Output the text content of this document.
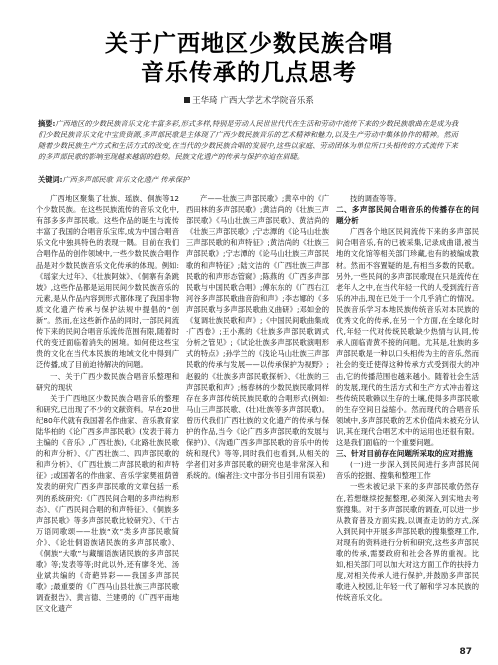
关于广西地区少数民族合唱
音乐传承的几点思考
王华琦 广西大学艺术学院音乐系
摘要:广西地区的少数民族音乐文化丰富多彩,形式多样,特别是劳动人民世世代代在生活和劳动中流传下来的少数民族歌曲在是成为我们少数民族音乐文化中宝贵资源,多声部民歌是主体现了广西少数民族音乐的艺术精神和魅力,以及生产劳动中集体协作的精神。然而随着少数民族生产方式和生活方式的改变,在当代的少数民族合唱的发展中,这些以家庭、劳动团体为单位所口头相传的方式流传下来的多声部民歌的影响至现越来越弱的趋势。民族文化遗产的传承与保护亦迫在眉睫。
关键词:广西多声部民歌 音乐文化遗产 传承保护

广西地区聚集了壮族、瑶族、侗族等12个少数民族。在这些民族流传的音乐文化中,有部多多声部民歌。这些作品的诞生与流传丰富了我国的合唱音乐宝库,成为中国合唱音乐文化中独具特色的表现一隅。目前在我们合唱作品的创作领域中,一些少数民族合唱作品是对少数民族音乐文化传承的体现。例如:《瑶家大过年》、《壮族阿妹》、《侗寨有条跳坡》,这些作品都是运用民间少数民族音乐的元素,是从作品内容到形式都体现了我国非物质文化遗产传承与保护法规中提倡的“创新”。然而,在这些新作品的同时,一部民间流传下来的民间合唱音乐流传范围有限,随着时代的变迁面临着消失的困境。如何使这些宝贵的文化在当代本民族的地域文化中得到广泛传播,成了目前迫待解决的问题。

一、关于广西少数民族合唱音乐整理和研究的现状

关于广西地区少数民族合唱音乐的整理和研究,已出现了不少的文献资料。早在20世纪80年代就有我国著名作曲家、音乐教育家陆华柏的《论广西多声部民歌》(发表于蒋力主编的《音乐》,广西壮族),《北路壮族民歌的和声分析》、《广西壮族二、四声部民歌的和声分析》、《广西壮族二声部民歌的和声特征》;或国著名的作曲家、音乐学家樊祖荫曾发表的研究广西多声部民歌的文章包括一系列的系统研究:《广西民间合唱的多声结构形态》、《广西民间合唱的和声特征》、《侗族多声部民歌》等多声部民歌比较研究》、《干古万语同歌颂——壮族“欢”类多声部民歌简介》、《论壮侗语族诸民族的多声部民歌》、《侗族“大歌”与藏缅语族诸民族的多声部民歌》等;发表等等;时此以外,还有廖冬光、汤业斌共编的《奇葩异彩——我国多声部民歌》;最重要的《广西马山县壮族三声部民歌调查报告》、黄言德、兰建勇的《广西平南地区文化遗产

产——壮族三声部民歌》;黄卒中的《广西田林的多声部民歌》;黄洁尚的《壮族三声部民歌》《马山壮族三声部民歌》、黄洁尚的《壮族三声部民歌》;宁志潭的《论马山壮族三声部民歌的和声特征》;黄洁尚的《壮族三声部民歌》;宁志潭的《论马山壮族三声部民歌的和声特征》;陆文洁的《广西壮族三声部民歌的和声形态管窥》;陈燕的《广西多声部民歌与中国民歌合唱》;傅东东的《广西右江河谷多声部民歌曲音韵和声》;李志娜的《多声部民歌与多声部民歌曲义曲研》;邓如金的《复调壮族民歌和声》;《中国民间歌曲集成·广西卷》;王小燕的《壮族多声部民歌调式分析之管见》;《试论壮族多声部民歌演唱形式的特点》;孙学兰的《浅论马山壮族三声部民歌的传承与发展——以传承保护为视野》;赵毅的《壮族多声部民歌探析》、《壮族的三声部民歌和声》;杨春林的少数民族民歌同样存在多声部传统民族民歌的合唱形式(例如:马山三声部民歌、(壮)壮族等多声部民歌)。曾历代我们广西壮族的文化遗产的传承与保护的作品,当今《论广西多声部民歌的发展与保护)》、《沟通广西多声部民歌的音乐中的传统和现代》等等,同时我们也看到,从相关的学者们对多声部民歌的研究也是非常深入和系统的。(编者注:文中部分书目引用有误差)

技的调查等等。

二、多声部民间合唱音乐的传播存在的问题分析

广西各个地区民间流传下来的多声部民间合唱音乐,有的已被采集,记录成曲谱,被当地的文化馆等相关部门珍藏,也有的被编成教材。然而不容置疑的是,有相当多数的民歌。另外,一些民间的多声部民歌现在只是流传在老年人之中,在当代年轻一代的人受到流行音乐的冲击,现在已处于一个几乎消亡的情况。民族音乐学习本地民族传统音乐对本民族的优秀文化的传承,在另一个方面,在全球化时代,年轻一代对传统民歌缺少热情与认同,传承人面临青黄不接的问题。尤其是,壮族的多声部民歌是一种以口头相传为主的音乐,然而社会的变迁使得这种传承方式受到很大的冲击,它的传播范围也越来越小。随着社会生活的发展,现代的生活方式和生产方式冲击着这些传统民歌赖以生存的土壤,使得多声部民歌的生存空间日益缩小。然而现代的合唱音乐领域中,多声部民歌的艺术价值尚未被充分认识,其在现代合唱艺术中的运用也还很有限。这是我们面临的一个重要问题。

三、针对目前存在问题所采取的应对措施

(一)进一步深入到民间进行多声部民间音乐的挖掘、搜集和整理工作

一些未被记录下来的多声部民歌仍然存在,若想继续挖掘整理,必须深入到实地去考察搜集。对于多声部民歌的调查,可以进一步从教育普及方面实践,以调查走访的方式,深入到民间中开展多声部民歌的搜集整理工作,对现有的资料进行分析和研究,这些多声部民歌的传承,需要政府和社会各界的重视。比如,相关部门可以加大对这方面工作的扶持力度,对相关传承人进行保护,并鼓励多声部民歌进入校园,让年轻一代了解和学习本民族的传统音乐文化。

87
